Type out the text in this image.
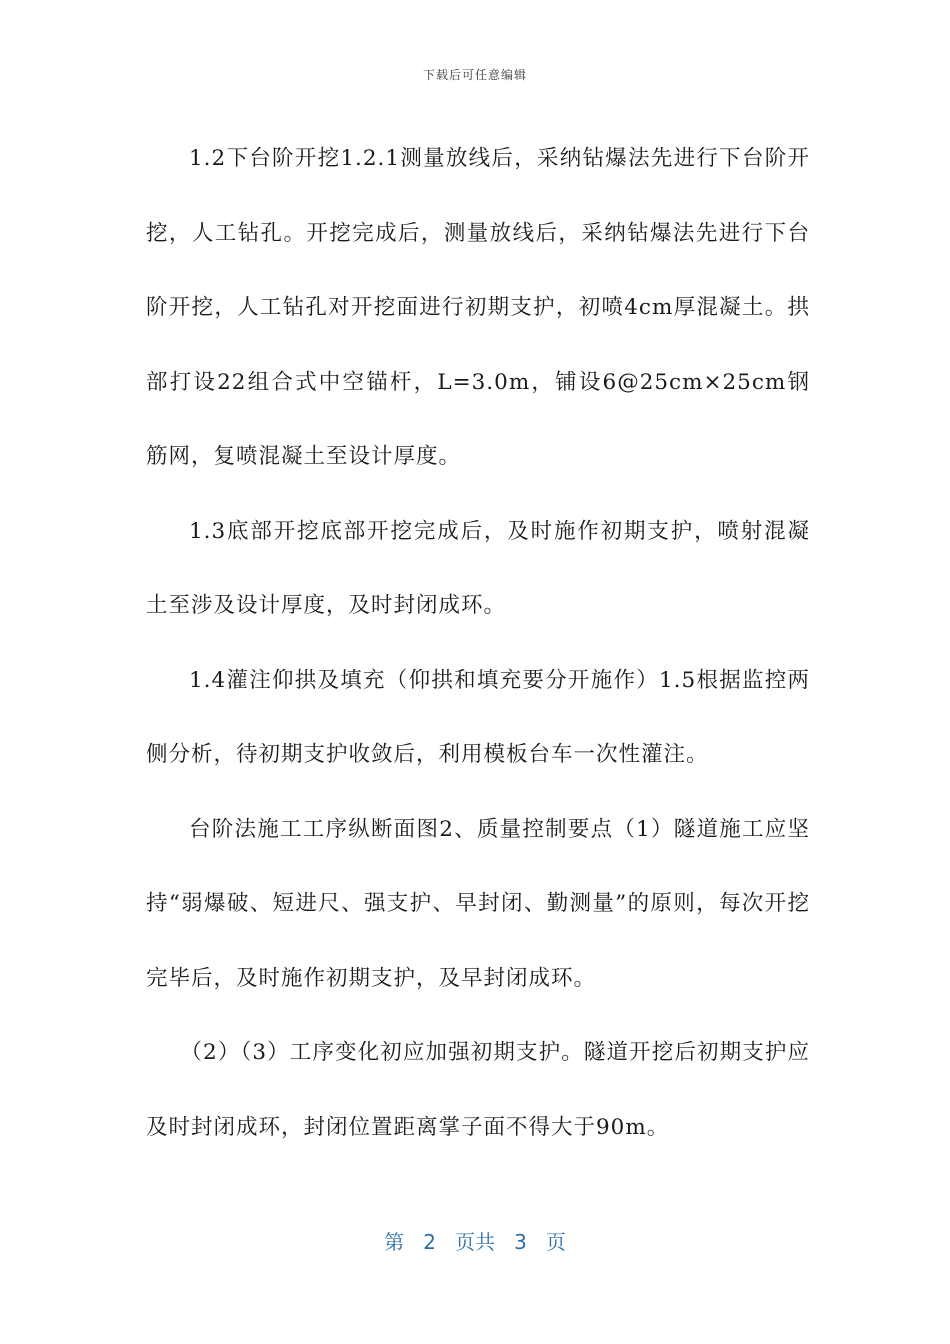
下载后可任意编辑

1.2下台阶开挖1.2.1测量放线后，采纳钻爆法先进行下台阶开挖，人工钻孔。开挖完成后，测量放线后，采纳钻爆法先进行下台阶开挖，人工钻孔对开挖面进行初期支护，初喷4cm厚混凝土。拱部打设22组合式中空锚杆，L=3.0m，铺设6@25cm×25cm钢筋网，复喷混凝土至设计厚度。

1.3底部开挖底部开挖完成后，及时施作初期支护，喷射混凝土至涉及设计厚度，及时封闭成环。

1.4灌注仰拱及填充（仰拱和填充要分开施作）1.5根据监控两侧分析，待初期支护收敛后，利用模板台车一次性灌注。

台阶法施工工序纵断面图2、质量控制要点（1）隧道施工应坚持“弱爆破、短进尺、强支护、早封闭、勤测量”的原则，每次开挖完毕后，及时施作初期支护，及早封闭成环。

（2）（3）工序变化初应加强初期支护。隧道开挖后初期支护应及时封闭成环，封闭位置距离掌子面不得大于90m。

第 2 页共 3 页
